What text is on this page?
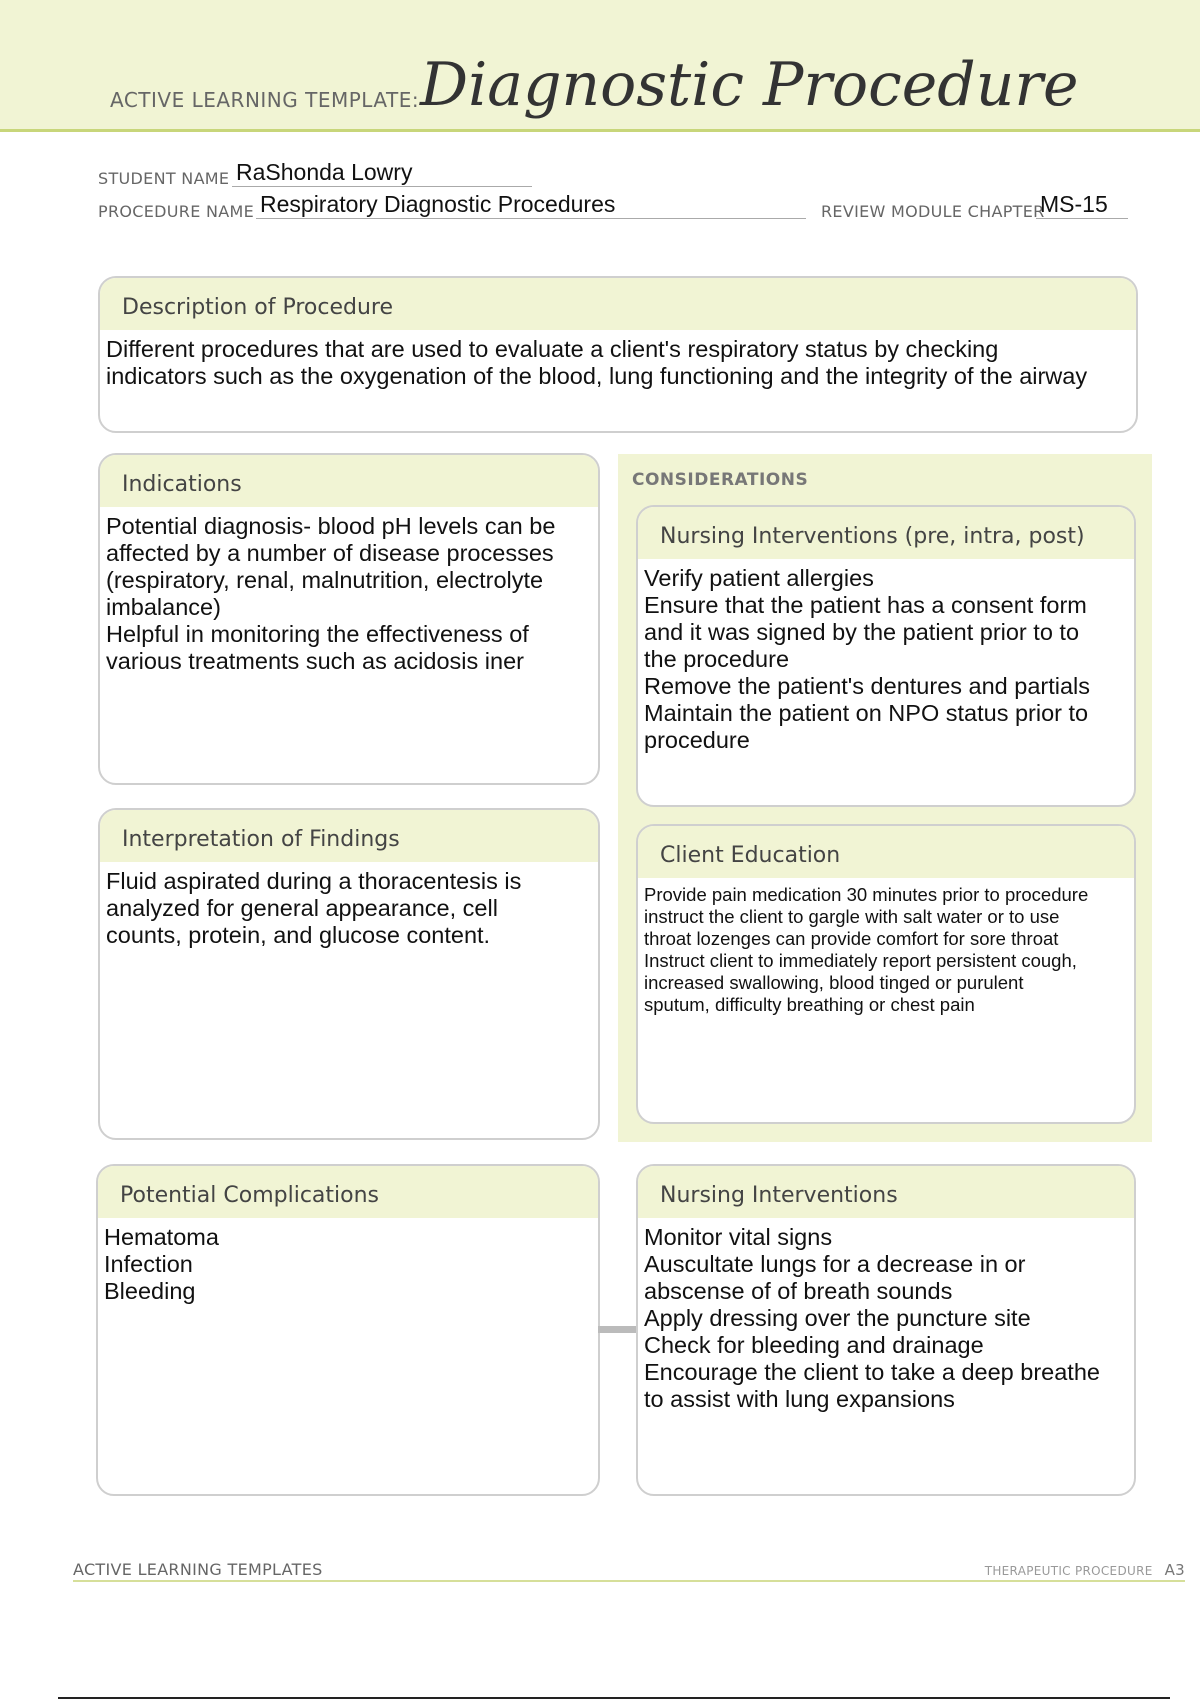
ACTIVE LEARNING TEMPLATE: Diagnostic Procedure
STUDENT NAME RaShonda Lowry
PROCEDURE NAME Respiratory Diagnostic Procedures	REVIEW MODULE CHAPTER
MS-15
Description of Procedure
Different procedures that are used to evaluate a client's respiratory status by checking
indicators such as the oxygenation of the blood, lung functioning and the integrity of the airway
CONSIDERATIONS
Indications
Potential diagnosis- blood pH levels can be
affected by a number of disease processes
(respiratory, renal, malnutrition, electrolyte
imbalance)
Helpful in monitoring the effectiveness of
various treatments such as acidosis iner
Nursing Interventions (pre, intra, post)
Verify patient allergies
Ensure that the patient has a consent form
and it was signed by the patient prior to to
the procedure
Remove the patient's dentures and partials
Maintain the patient on NPO status prior to
procedure
Interpretation of Findings
Fluid aspirated during a thoracentesis is
analyzed for general appearance, cell
counts, protein, and glucose content.
Client Education
Provide pain medication 30 minutes prior to procedure
instruct the client to gargle with salt water or to use
throat lozenges can provide comfort for sore throat
Instruct client to immediately report persistent cough,
increased swallowing, blood tinged or purulent
sputum, difficulty breathing or chest pain
Potential Complications
Hematoma
Infection
Bleeding
Nursing Interventions
Monitor vital signs
Auscultate lungs for a decrease in or
abscense of of breath sounds
Apply dressing over the puncture site
Check for bleeding and drainage
Encourage the client to take a deep breathe
to assist with lung expansions
ACTIVE LEARNING TEMPLATES	THERAPEUTIC PROCEDURE A3
